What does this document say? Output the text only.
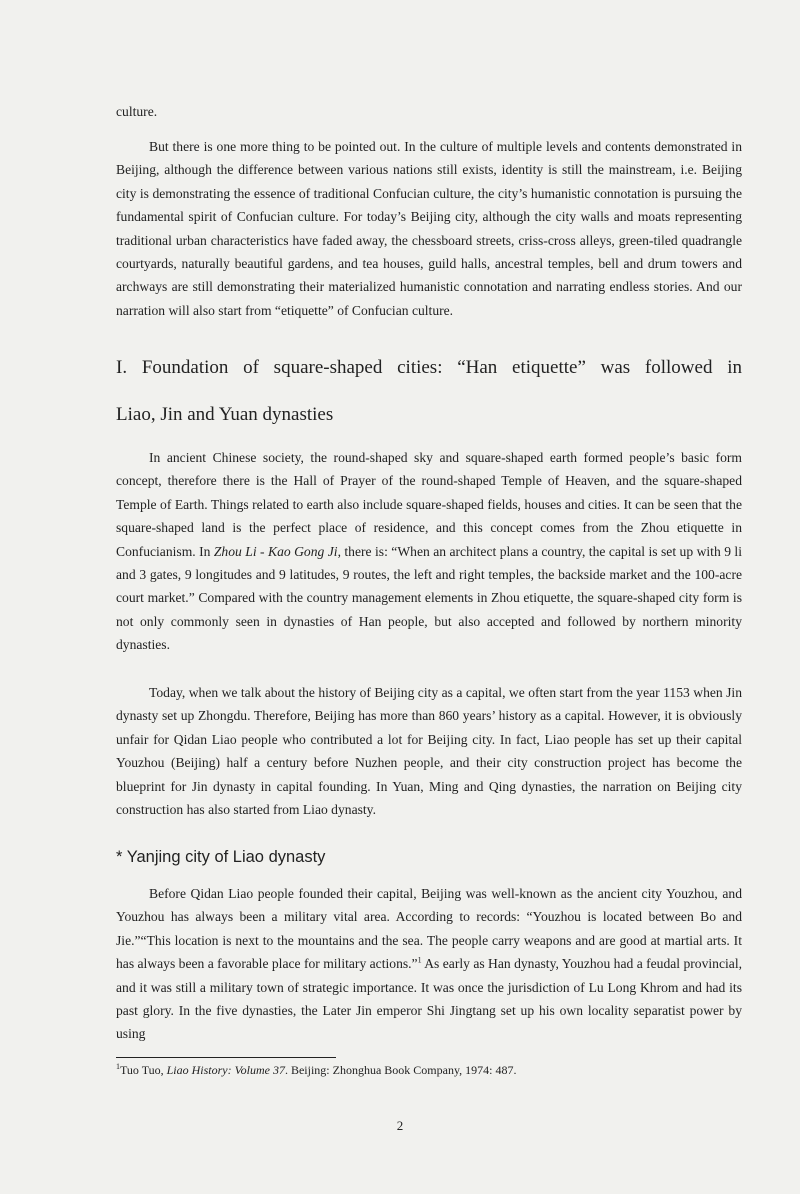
culture.

But there is one more thing to be pointed out. In the culture of multiple levels and contents demonstrated in Beijing, although the difference between various nations still exists, identity is still the mainstream, i.e. Beijing city is demonstrating the essence of traditional Confucian culture, the city’s humanistic connotation is pursuing the fundamental spirit of Confucian culture. For today’s Beijing city, although the city walls and moats representing traditional urban characteristics have faded away, the chessboard streets, criss-cross alleys, green-tiled quadrangle courtyards, naturally beautiful gardens, and tea houses, guild halls, ancestral temples, bell and drum towers and archways are still demonstrating their materialized humanistic connotation and narrating endless stories. And our narration will also start from “etiquette” of Confucian culture.

I. Foundation of square-shaped cities: “Han etiquette” was followed in
Liao, Jin and Yuan dynasties

In ancient Chinese society, the round-shaped sky and square-shaped earth formed people’s basic form concept, therefore there is the Hall of Prayer of the round-shaped Temple of Heaven, and the square-shaped Temple of Earth. Things related to earth also include square-shaped fields, houses and cities. It can be seen that the square-shaped land is the perfect place of residence, and this concept comes from the Zhou etiquette in Confucianism. In Zhou Li - Kao Gong Ji, there is: “When an architect plans a country, the capital is set up with 9 li and 3 gates, 9 longitudes and 9 latitudes, 9 routes, the left and right temples, the backside market and the 100-acre court market.” Compared with the country management elements in Zhou etiquette, the square-shaped city form is not only commonly seen in dynasties of Han people, but also accepted and followed by northern minority dynasties.

Today, when we talk about the history of Beijing city as a capital, we often start from the year 1153 when Jin dynasty set up Zhongdu. Therefore, Beijing has more than 860 years’ history as a capital. However, it is obviously unfair for Qidan Liao people who contributed a lot for Beijing city. In fact, Liao people has set up their capital Youzhou (Beijing) half a century before Nuzhen people, and their city construction project has become the blueprint for Jin dynasty in capital founding. In Yuan, Ming and Qing dynasties, the narration on Beijing city construction has also started from Liao dynasty.

* Yanjing city of Liao dynasty

Before Qidan Liao people founded their capital, Beijing was well-known as the ancient city Youzhou, and Youzhou has always been a military vital area. According to records: “Youzhou is located between Bo and Jie.”“This location is next to the mountains and the sea. The people carry weapons and are good at martial arts. It has always been a favorable place for military actions.”$^1$ As early as Han dynasty, Youzhou had a feudal provincial, and it was still a military town of strategic importance. It was once the jurisdiction of Lu Long Khrom and had its past glory. In the five dynasties, the Later Jin emperor Shi Jingtang set up his own locality separatist power by using

$^1$Tuo Tuo, Liao History: Volume 37. Beijing: Zhonghua Book Company, 1974: 487.
2
